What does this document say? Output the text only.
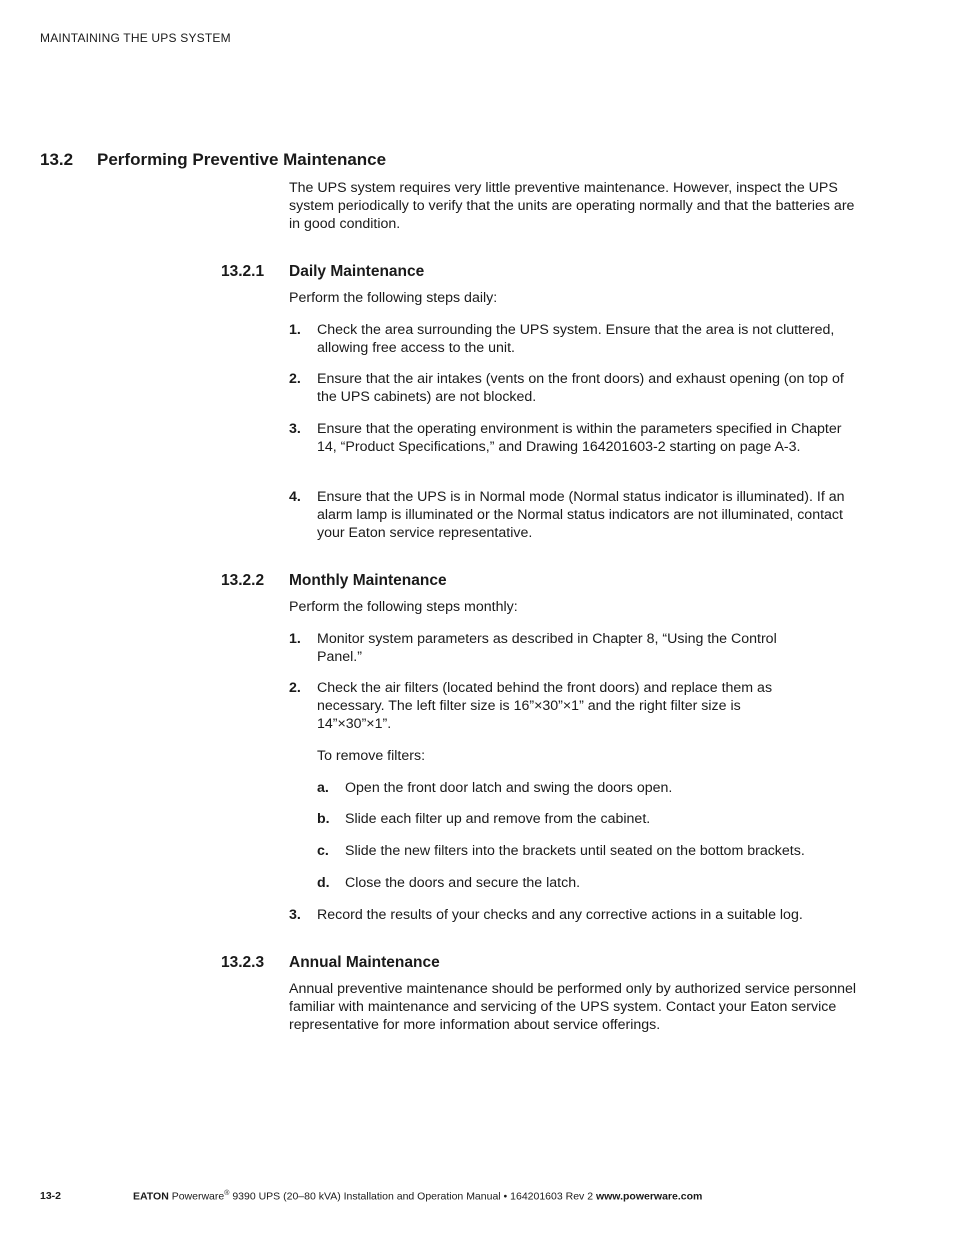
MAINTAINING THE UPS SYSTEM
13.2 Performing Preventive Maintenance
The UPS system requires very little preventive maintenance. However, inspect the UPS system periodically to verify that the units are operating normally and that the batteries are in good condition.
13.2.1 Daily Maintenance
Perform the following steps daily:
1. Check the area surrounding the UPS system. Ensure that the area is not cluttered, allowing free access to the unit.
2. Ensure that the air intakes (vents on the front doors) and exhaust opening (on top of the UPS cabinets) are not blocked.
3. Ensure that the operating environment is within the parameters specified in Chapter 14, “Product Specifications,” and Drawing 164201603-2 starting on page A-3.
4. Ensure that the UPS is in Normal mode (Normal status indicator is illuminated). If an alarm lamp is illuminated or the Normal status indicators are not illuminated, contact your Eaton service representative.
13.2.2 Monthly Maintenance
Perform the following steps monthly:
1. Monitor system parameters as described in Chapter 8, “Using the Control Panel.”
2. Check the air filters (located behind the front doors) and replace them as necessary. The left filter size is 16”×30”×1” and the right filter size is 14”×30”×1”.
To remove filters:
a. Open the front door latch and swing the doors open.
b. Slide each filter up and remove from the cabinet.
c. Slide the new filters into the brackets until seated on the bottom brackets.
d. Close the doors and secure the latch.
3. Record the results of your checks and any corrective actions in a suitable log.
13.2.3 Annual Maintenance
Annual preventive maintenance should be performed only by authorized service personnel familiar with maintenance and servicing of the UPS system. Contact your Eaton service representative for more information about service offerings.
13-2	EATON Powerware® 9390 UPS (20–80 kVA) Installation and Operation Manual • 164201603 Rev 2 www.powerware.com
